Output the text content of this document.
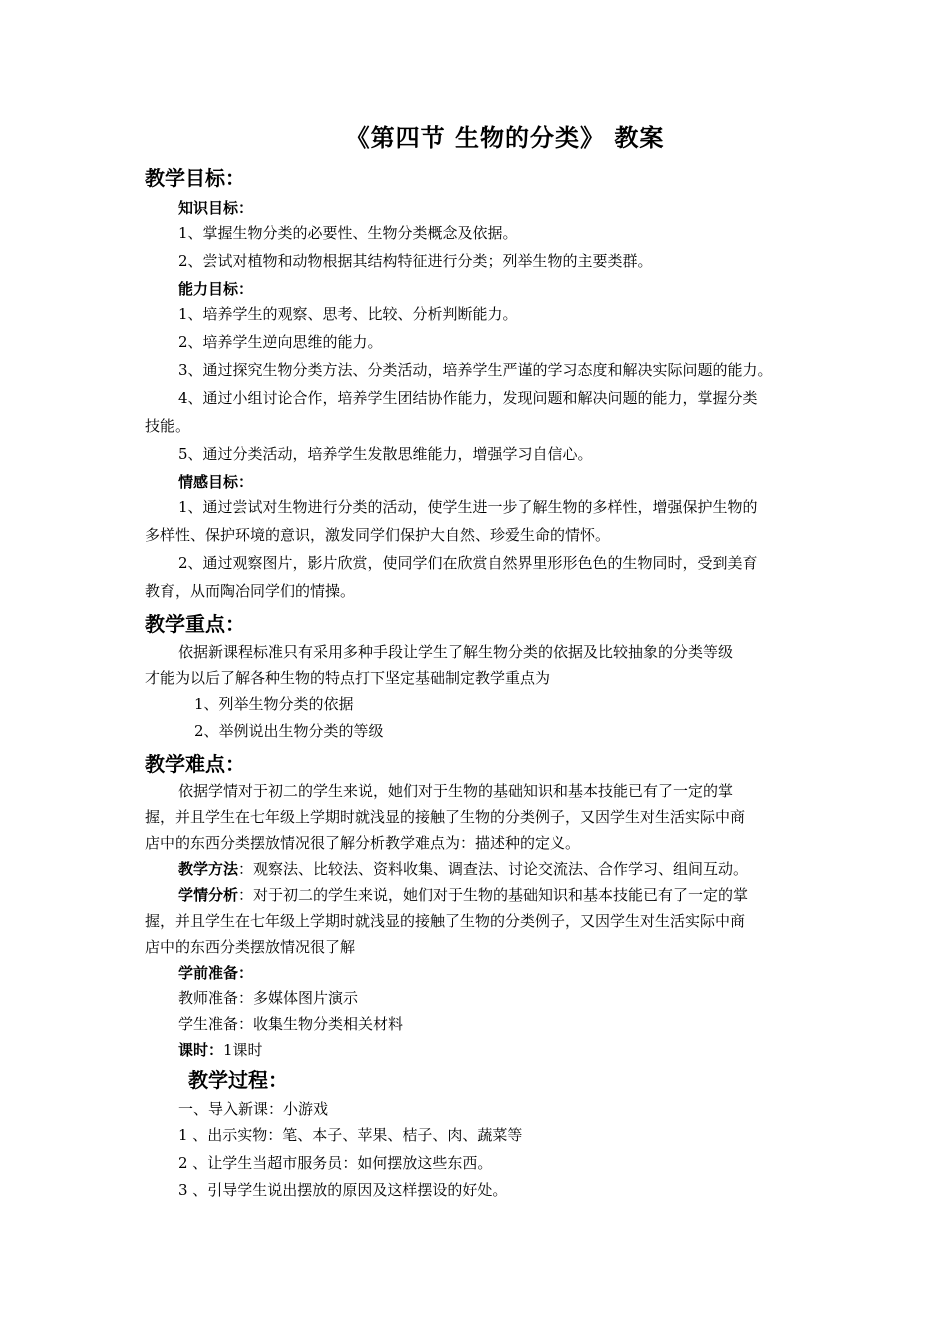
《第四节 生物的分类》 教案
教学目标：
知识目标：
1、掌握生物分类的必要性、生物分类概念及依据。
2、尝试对植物和动物根据其结构特征进行分类；列举生物的主要类群。
能力目标：
1、培养学生的观察、思考、比较、分析判断能力。
2、培养学生逆向思维的能力。
3、通过探究生物分类方法、分类活动，培养学生严谨的学习态度和解决实际问题的能力。
4、通过小组讨论合作，培养学生团结协作能力，发现问题和解决问题的能力，掌握分类
技能。
5、通过分类活动，培养学生发散思维能力，增强学习自信心。
情感目标：
1、通过尝试对生物进行分类的活动，使学生进一步了解生物的多样性，增强保护生物的
多样性、保护环境的意识，激发同学们保护大自然、珍爱生命的情怀。
2、通过观察图片，影片欣赏，使同学们在欣赏自然界里形形色色的生物同时，受到美育
教育，从而陶冶同学们的情操。
教学重点：
依据新课程标准只有采用多种手段让学生了解生物分类的依据及比较抽象的分类等级
才能为以后了解各种生物的特点打下坚定基础制定教学重点为
1、列举生物分类的依据
2、举例说出生物分类的等级
教学难点：
依据学情对于初二的学生来说，她们对于生物的基础知识和基本技能已有了一定的掌
握，并且学生在七年级上学期时就浅显的接触了生物的分类例子，又因学生对生活实际中商
店中的东西分类摆放情况很了解分析教学难点为：描述种的定义。
教学方法：观察法、比较法、资料收集、调查法、讨论交流法、合作学习、组间互动。
学情分析：对于初二的学生来说，她们对于生物的基础知识和基本技能已有了一定的掌
握，并且学生在七年级上学期时就浅显的接触了生物的分类例子，又因学生对生活实际中商
店中的东西分类摆放情况很了解
学前准备：
教师准备：多媒体图片演示
学生准备：收集生物分类相关材料
课时：1课时
教学过程：
一、导入新课：小游戏
1 、出示实物：笔、本子、苹果、桔子、肉、蔬菜等
2 、让学生当超市服务员：如何摆放这些东西。
3 、引导学生说出摆放的原因及这样摆设的好处。
